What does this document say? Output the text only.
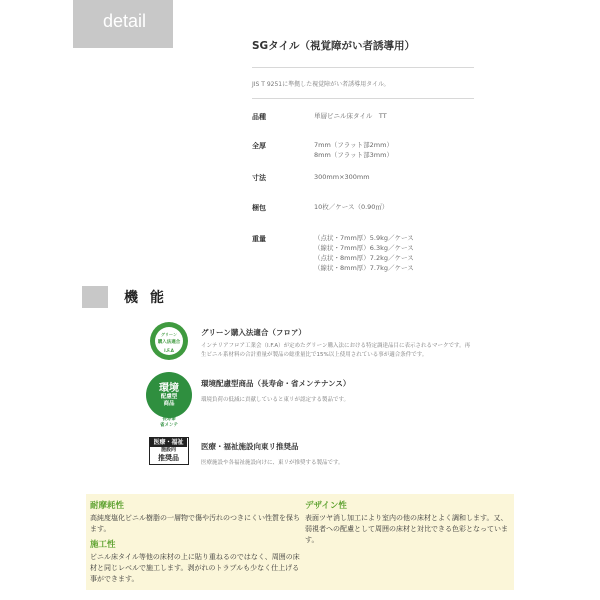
detail
SGタイル（視覚障がい者誘導用）
JIS T 9251に準拠した視覚障がい者誘導用タイル。
品種	単層ビニル床タイル　TT
全厚	7mm（フラット部2mm）
8mm（フラット部3mm）
寸法	300mm×300mm
梱包	10枚／ケース（0.90㎡）
重量	（点状・7mm厚）5.9kg／ケース
（線状・7mm厚）6.3kg／ケース
（点状・8mm厚）7.2kg／ケース
（線状・8mm厚）7.7kg／ケース
機能
グリーン
購入法適合
I.F.A
グリーン購入法適合（フロア）
インテリアフロア工業会（I.F.A）が定めたグリーン購入法における特定調達品目に表示されるマークです。再生ビニル系材料の合計重量が製品の総重量比で15%以上使用されている事が適合条件です。
環境
配慮型
商品
長寿命
省メンテ
環境配慮型商品（長寿命・省メンテナンス）
環境負荷の低減に貢献していると東リが認定する製品です。
医療・福祉
施設向
推奨品
医療・福祉施設向東リ推奨品
医療施設や各福祉施設向けに、東リが推奨する製品です。
耐摩耗性
高純度塩化ビニル樹脂の一層物で傷や汚れのつきにくい性質を保ちます。
施工性
ビニル床タイル等他の床材の上に貼り重ねるのではなく、周囲の床材と同じレベルで施工します。剥がれのトラブルも少なく仕上げる事ができます。
デザイン性
表面ツヤ消し加工により室内の他の床材とよく調和します。又、弱視者への配慮として周囲の床材と対比できる色彩となっています。
